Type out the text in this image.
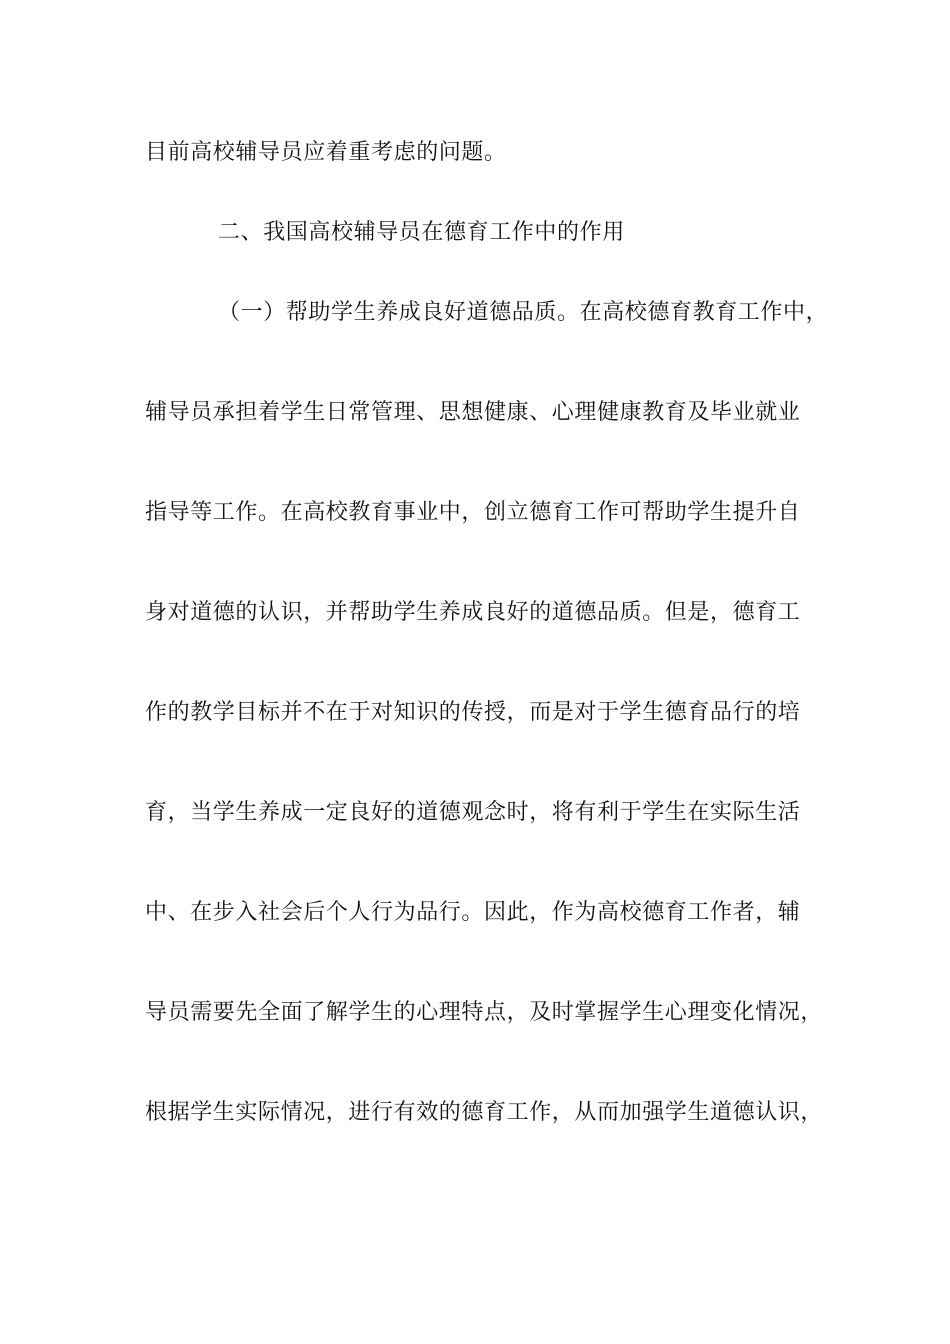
目前高校辅导员应着重考虑的问题。
二、我国高校辅导员在德育工作中的作用
（一）帮助学生养成良好道德品质。在高校德育教育工作中，
辅导员承担着学生日常管理、思想健康、心理健康教育及毕业就业
指导等工作。在高校教育事业中，创立德育工作可帮助学生提升自
身对道德的认识，并帮助学生养成良好的道德品质。但是，德育工
作的教学目标并不在于对知识的传授，而是对于学生德育品行的培
育，当学生养成一定良好的道德观念时，将有利于学生在实际生活
中、在步入社会后个人行为品行。因此，作为高校德育工作者，辅
导员需要先全面了解学生的心理特点，及时掌握学生心理变化情况，
根据学生实际情况，进行有效的德育工作，从而加强学生道德认识，
